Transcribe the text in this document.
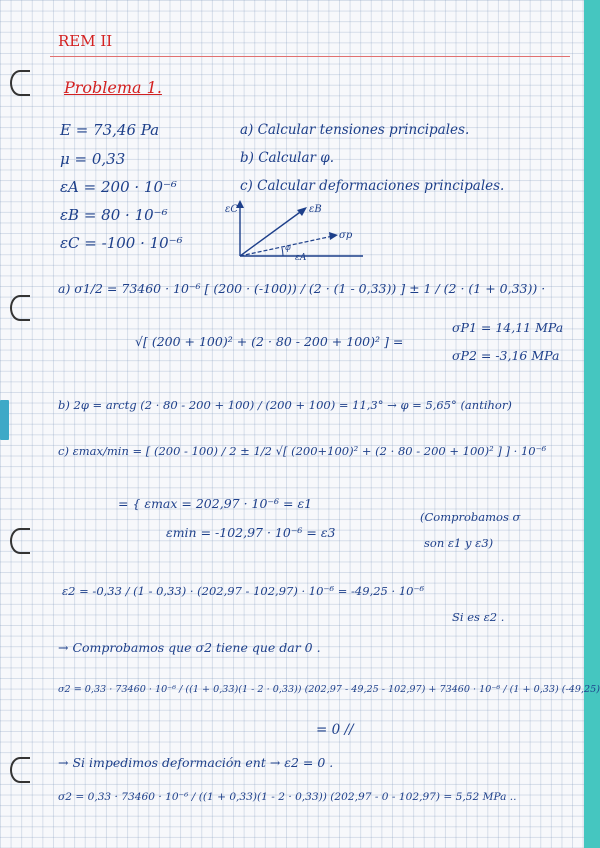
REM II
Problema 1.
E = 73,46 Pa
μ = 0,33
εA = 200 · 10⁻⁶
εB = 80 · 10⁻⁶
εC = -100 · 10⁻⁶
a) Calcular tensiones principales.
b) Calcular φ.
c) Calcular deformaciones principales.
εC	εB
σp
φ
εA
a) σ1/2 = 73460 · 10⁻⁶ [ (200 · (-100)) / (2 · (1 - 0,33)) ] ± 1 / (2 · (1 + 0,33)) ·
√[ (200 + 100)² + (2 · 80 - 200 + 100)² ] =
σP1 = 14,11 MPa
σP2 = -3,16 MPa
b) 2φ = arctg (2 · 80 - 200 + 100) / (200 + 100) = 11,3° → φ = 5,65° (antihor)
c) εmax/min = [ (200 - 100) / 2 ± 1/2 √[ (200+100)² + (2 · 80 - 200 + 100)² ] ] · 10⁻⁶
= { εmax = 202,97 · 10⁻⁶ = ε1
εmin = -102,97 · 10⁻⁶ = ε3
(Comprobamos σ
son ε1 y ε3)
ε2 = -0,33 / (1 - 0,33) · (202,97 - 102,97) · 10⁻⁶ = -49,25 · 10⁻⁶
Si es ε2 .
→ Comprobamos que σ2 tiene que dar 0 .
σ2 = 0,33 · 73460 · 10⁻⁶ / ((1 + 0,33)(1 - 2 · 0,33)) (202,97 - 49,25 - 102,97) + 73460 · 10⁻⁶ / (1 + 0,33) (-49,25)
= 0 //
→ Si impedimos deformación ent → ε2 = 0 .
σ2 = 0,33 · 73460 · 10⁻⁶ / ((1 + 0,33)(1 - 2 · 0,33)) (202,97 - 0 - 102,97) = 5,52 MPa ..
